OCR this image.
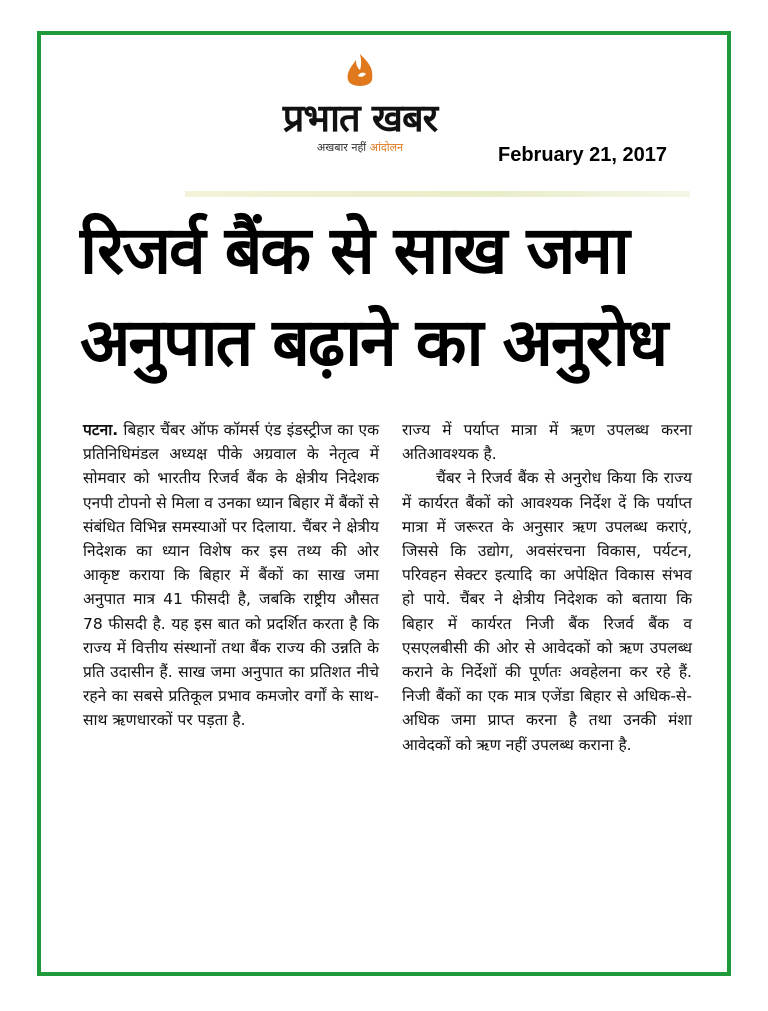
प्रभात खबर
अखबार नहीं आंदोलन	February 21, 2017
रिजर्व बैंक से साख जमा
अनुपात बढ़ाने का अनुरोध

पटना. बिहार चैंबर ऑफ कॉमर्स एंड इंडस्ट्रीज का एक प्रतिनिधिमंडल अध्यक्ष पीके अग्रवाल के नेतृत्व में सोमवार को भारतीय रिजर्व बैंक के क्षेत्रीय निदेशक एनपी टोपनो से मिला व उनका ध्यान बिहार में बैंकों से संबंधित विभिन्न समस्याओं पर दिलाया. चैंबर ने क्षेत्रीय निदेशक का ध्यान विशेष कर इस तथ्य की ओर आकृष्ट कराया कि बिहार में बैंकों का साख जमा अनुपात मात्र 41 फीसदी है, जबकि राष्ट्रीय औसत 78 फीसदी है. यह इस बात को प्रदर्शित करता है कि राज्य में वित्तीय संस्थानों तथा बैंक राज्य की उन्नति के प्रति उदासीन हैं. साख जमा अनुपात का प्रतिशत नीचे रहने का सबसे प्रतिकूल प्रभाव कमजोर वर्गों के साथ-साथ ऋणधारकों पर पड़ता है.

राज्य में पर्याप्त मात्रा में ऋण उपलब्ध करना अतिआवश्यक है.

चैंबर ने रिजर्व बैंक से अनुरोध किया कि राज्य में कार्यरत बैंकों को आवश्यक निर्देश दें कि पर्याप्त मात्रा में जरूरत के अनुसार ऋण उपलब्ध कराएं, जिससे कि उद्योग, अवसंरचना विकास, पर्यटन, परिवहन सेक्टर इत्यादि का अपेक्षित विकास संभव हो पाये. चैंबर ने क्षेत्रीय निदेशक को बताया कि बिहार में कार्यरत निजी बैंक रिजर्व बैंक व एसएलबीसी की ओर से आवेदकों को ऋण उपलब्ध कराने के निर्देशों की पूर्णतः अवहेलना कर रहे हैं. निजी बैंकों का एक मात्र एजेंडा बिहार से अधिक-से-अधिक जमा प्राप्त करना है तथा उनकी मंशा आवेदकों को ऋण नहीं उपलब्ध कराना है.
